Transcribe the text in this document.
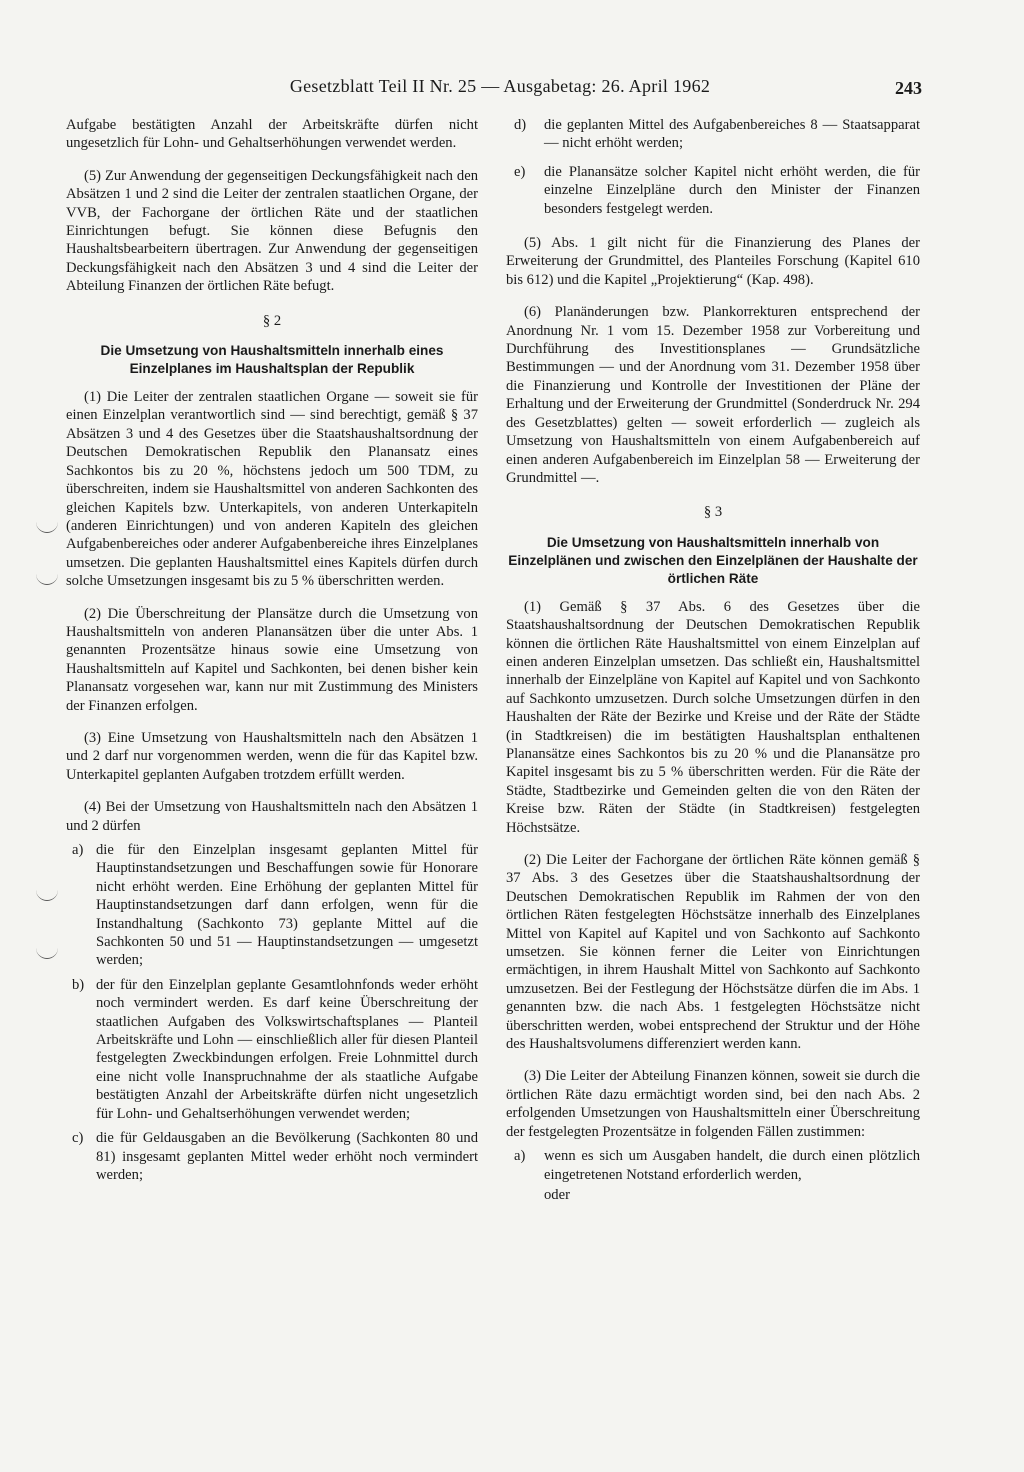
Gesetzblatt Teil II Nr. 25 — Ausgabetag: 26. April 1962	243

Aufgabe bestätigten Anzahl der Arbeitskräfte dürfen nicht ungesetzlich für Lohn- und Gehaltserhöhungen verwendet werden.

(5) Zur Anwendung der gegenseitigen Deckungsfähigkeit nach den Absätzen 1 und 2 sind die Leiter der zentralen staatlichen Organe, der VVB, der Fachorgane der örtlichen Räte und der staatlichen Einrichtungen befugt. Sie können diese Befugnis den Haushaltsbearbeitern übertragen. Zur Anwendung der gegenseitigen Deckungsfähigkeit nach den Absätzen 3 und 4 sind die Leiter der Abteilung Finanzen der örtlichen Räte befugt.

§ 2
Die Umsetzung von Haushaltsmitteln innerhalb eines Einzelplanes im Haushaltsplan der Republik

(1) Die Leiter der zentralen staatlichen Organe — soweit sie für einen Einzelplan verantwortlich sind — sind berechtigt, gemäß § 37 Absätzen 3 und 4 des Gesetzes über die Staatshaushaltsordnung der Deutschen Demokratischen Republik den Planansatz eines Sachkontos bis zu 20 %, höchstens jedoch um 500 TDM, zu überschreiten, indem sie Haushaltsmittel von anderen Sachkonten des gleichen Kapitels bzw. Unterkapitels, von anderen Unterkapiteln (anderen Einrichtungen) und von anderen Kapiteln des gleichen Aufgabenbereiches oder anderer Aufgabenbereiche ihres Einzelplanes umsetzen. Die geplanten Haushaltsmittel eines Kapitels dürfen durch solche Umsetzungen insgesamt bis zu 5 % überschritten werden.

(2) Die Überschreitung der Plansätze durch die Umsetzung von Haushaltsmitteln von anderen Planansätzen über die unter Abs. 1 genannten Prozentsätze hinaus sowie eine Umsetzung von Haushaltsmitteln auf Kapitel und Sachkonten, bei denen bisher kein Planansatz vorgesehen war, kann nur mit Zustimmung des Ministers der Finanzen erfolgen.

(3) Eine Umsetzung von Haushaltsmitteln nach den Absätzen 1 und 2 darf nur vorgenommen werden, wenn die für das Kapitel bzw. Unterkapitel geplanten Aufgaben trotzdem erfüllt werden.

(4) Bei der Umsetzung von Haushaltsmitteln nach den Absätzen 1 und 2 dürfen

a) die für den Einzelplan insgesamt geplanten Mittel für Hauptinstandsetzungen und Beschaffungen sowie für Honorare nicht erhöht werden. Eine Erhöhung der geplanten Mittel für Hauptinstandsetzungen darf dann erfolgen, wenn für die Instandhaltung (Sachkonto 73) geplante Mittel auf die Sachkonten 50 und 51 — Hauptinstandsetzungen — umgesetzt werden;
b) der für den Einzelplan geplante Gesamtlohnfonds weder erhöht noch vermindert werden. Es darf keine Überschreitung der staatlichen Aufgaben des Volkswirtschaftsplanes — Planteil Arbeitskräfte und Lohn — einschließlich aller für diesen Planteil festgelegten Zweckbindungen erfolgen. Freie Lohnmittel durch eine nicht volle Inanspruchnahme der als staatliche Aufgabe bestätigten Anzahl der Arbeitskräfte dürfen nicht ungesetzlich für Lohn- und Gehaltserhöhungen verwendet werden;
c) die für Geldausgaben an die Bevölkerung (Sachkonten 80 und 81) insgesamt geplanten Mittel weder erhöht noch vermindert werden;
d) die geplanten Mittel des Aufgabenbereiches 8 — Staatsapparat — nicht erhöht werden;
e) die Planansätze solcher Kapitel nicht erhöht werden, die für einzelne Einzelpläne durch den Minister der Finanzen besonders festgelegt werden.

(5) Abs. 1 gilt nicht für die Finanzierung des Planes der Erweiterung der Grundmittel, des Planteiles Forschung (Kapitel 610 bis 612) und die Kapitel „Projektierung“ (Kap. 498).

(6) Planänderungen bzw. Plankorrekturen entsprechend der Anordnung Nr. 1 vom 15. Dezember 1958 zur Vorbereitung und Durchführung des Investitionsplanes — Grundsätzliche Bestimmungen — und der Anordnung vom 31. Dezember 1958 über die Finanzierung und Kontrolle der Investitionen der Pläne der Erhaltung und der Erweiterung der Grundmittel (Sonderdruck Nr. 294 des Gesetzblattes) gelten — soweit erforderlich — zugleich als Umsetzung von Haushaltsmitteln von einem Aufgabenbereich auf einen anderen Aufgabenbereich im Einzelplan 58 — Erweiterung der Grundmittel —.

§ 3
Die Umsetzung von Haushaltsmitteln innerhalb von Einzelplänen und zwischen den Einzelplänen der Haushalte der örtlichen Räte

(1) Gemäß § 37 Abs. 6 des Gesetzes über die Staatshaushaltsordnung der Deutschen Demokratischen Republik können die örtlichen Räte Haushaltsmittel von einem Einzelplan auf einen anderen Einzelplan umsetzen. Das schließt ein, Haushaltsmittel innerhalb der Einzelpläne von Kapitel auf Kapitel und von Sachkonto auf Sachkonto umzusetzen. Durch solche Umsetzungen dürfen in den Haushalten der Räte der Bezirke und Kreise und der Räte der Städte (in Stadtkreisen) die im bestätigten Haushaltsplan enthaltenen Planansätze eines Sachkontos bis zu 20 % und die Planansätze pro Kapitel insgesamt bis zu 5 % überschritten werden. Für die Räte der Städte, Stadtbezirke und Gemeinden gelten die von den Räten der Kreise bzw. Räten der Städte (in Stadtkreisen) festgelegten Höchstsätze.

(2) Die Leiter der Fachorgane der örtlichen Räte können gemäß § 37 Abs. 3 des Gesetzes über die Staatshaushaltsordnung der Deutschen Demokratischen Republik im Rahmen der von den örtlichen Räten festgelegten Höchstsätze innerhalb des Einzelplanes Mittel von Kapitel auf Kapitel und von Sachkonto auf Sachkonto umsetzen. Sie können ferner die Leiter von Einrichtungen ermächtigen, in ihrem Haushalt Mittel von Sachkonto auf Sachkonto umzusetzen. Bei der Festlegung der Höchstsätze dürfen die im Abs. 1 genannten bzw. die nach Abs. 1 festgelegten Höchstsätze nicht überschritten werden, wobei entsprechend der Struktur und der Höhe des Haushaltsvolumens differenziert werden kann.

(3) Die Leiter der Abteilung Finanzen können, soweit sie durch die örtlichen Räte dazu ermächtigt worden sind, bei den nach Abs. 2 erfolgenden Umsetzungen von Haushaltsmitteln einer Überschreitung der festgelegten Prozentsätze in folgenden Fällen zustimmen:

a) wenn es sich um Ausgaben handelt, die durch einen plötzlich eingetretenen Notstand erforderlich werden,
oder
